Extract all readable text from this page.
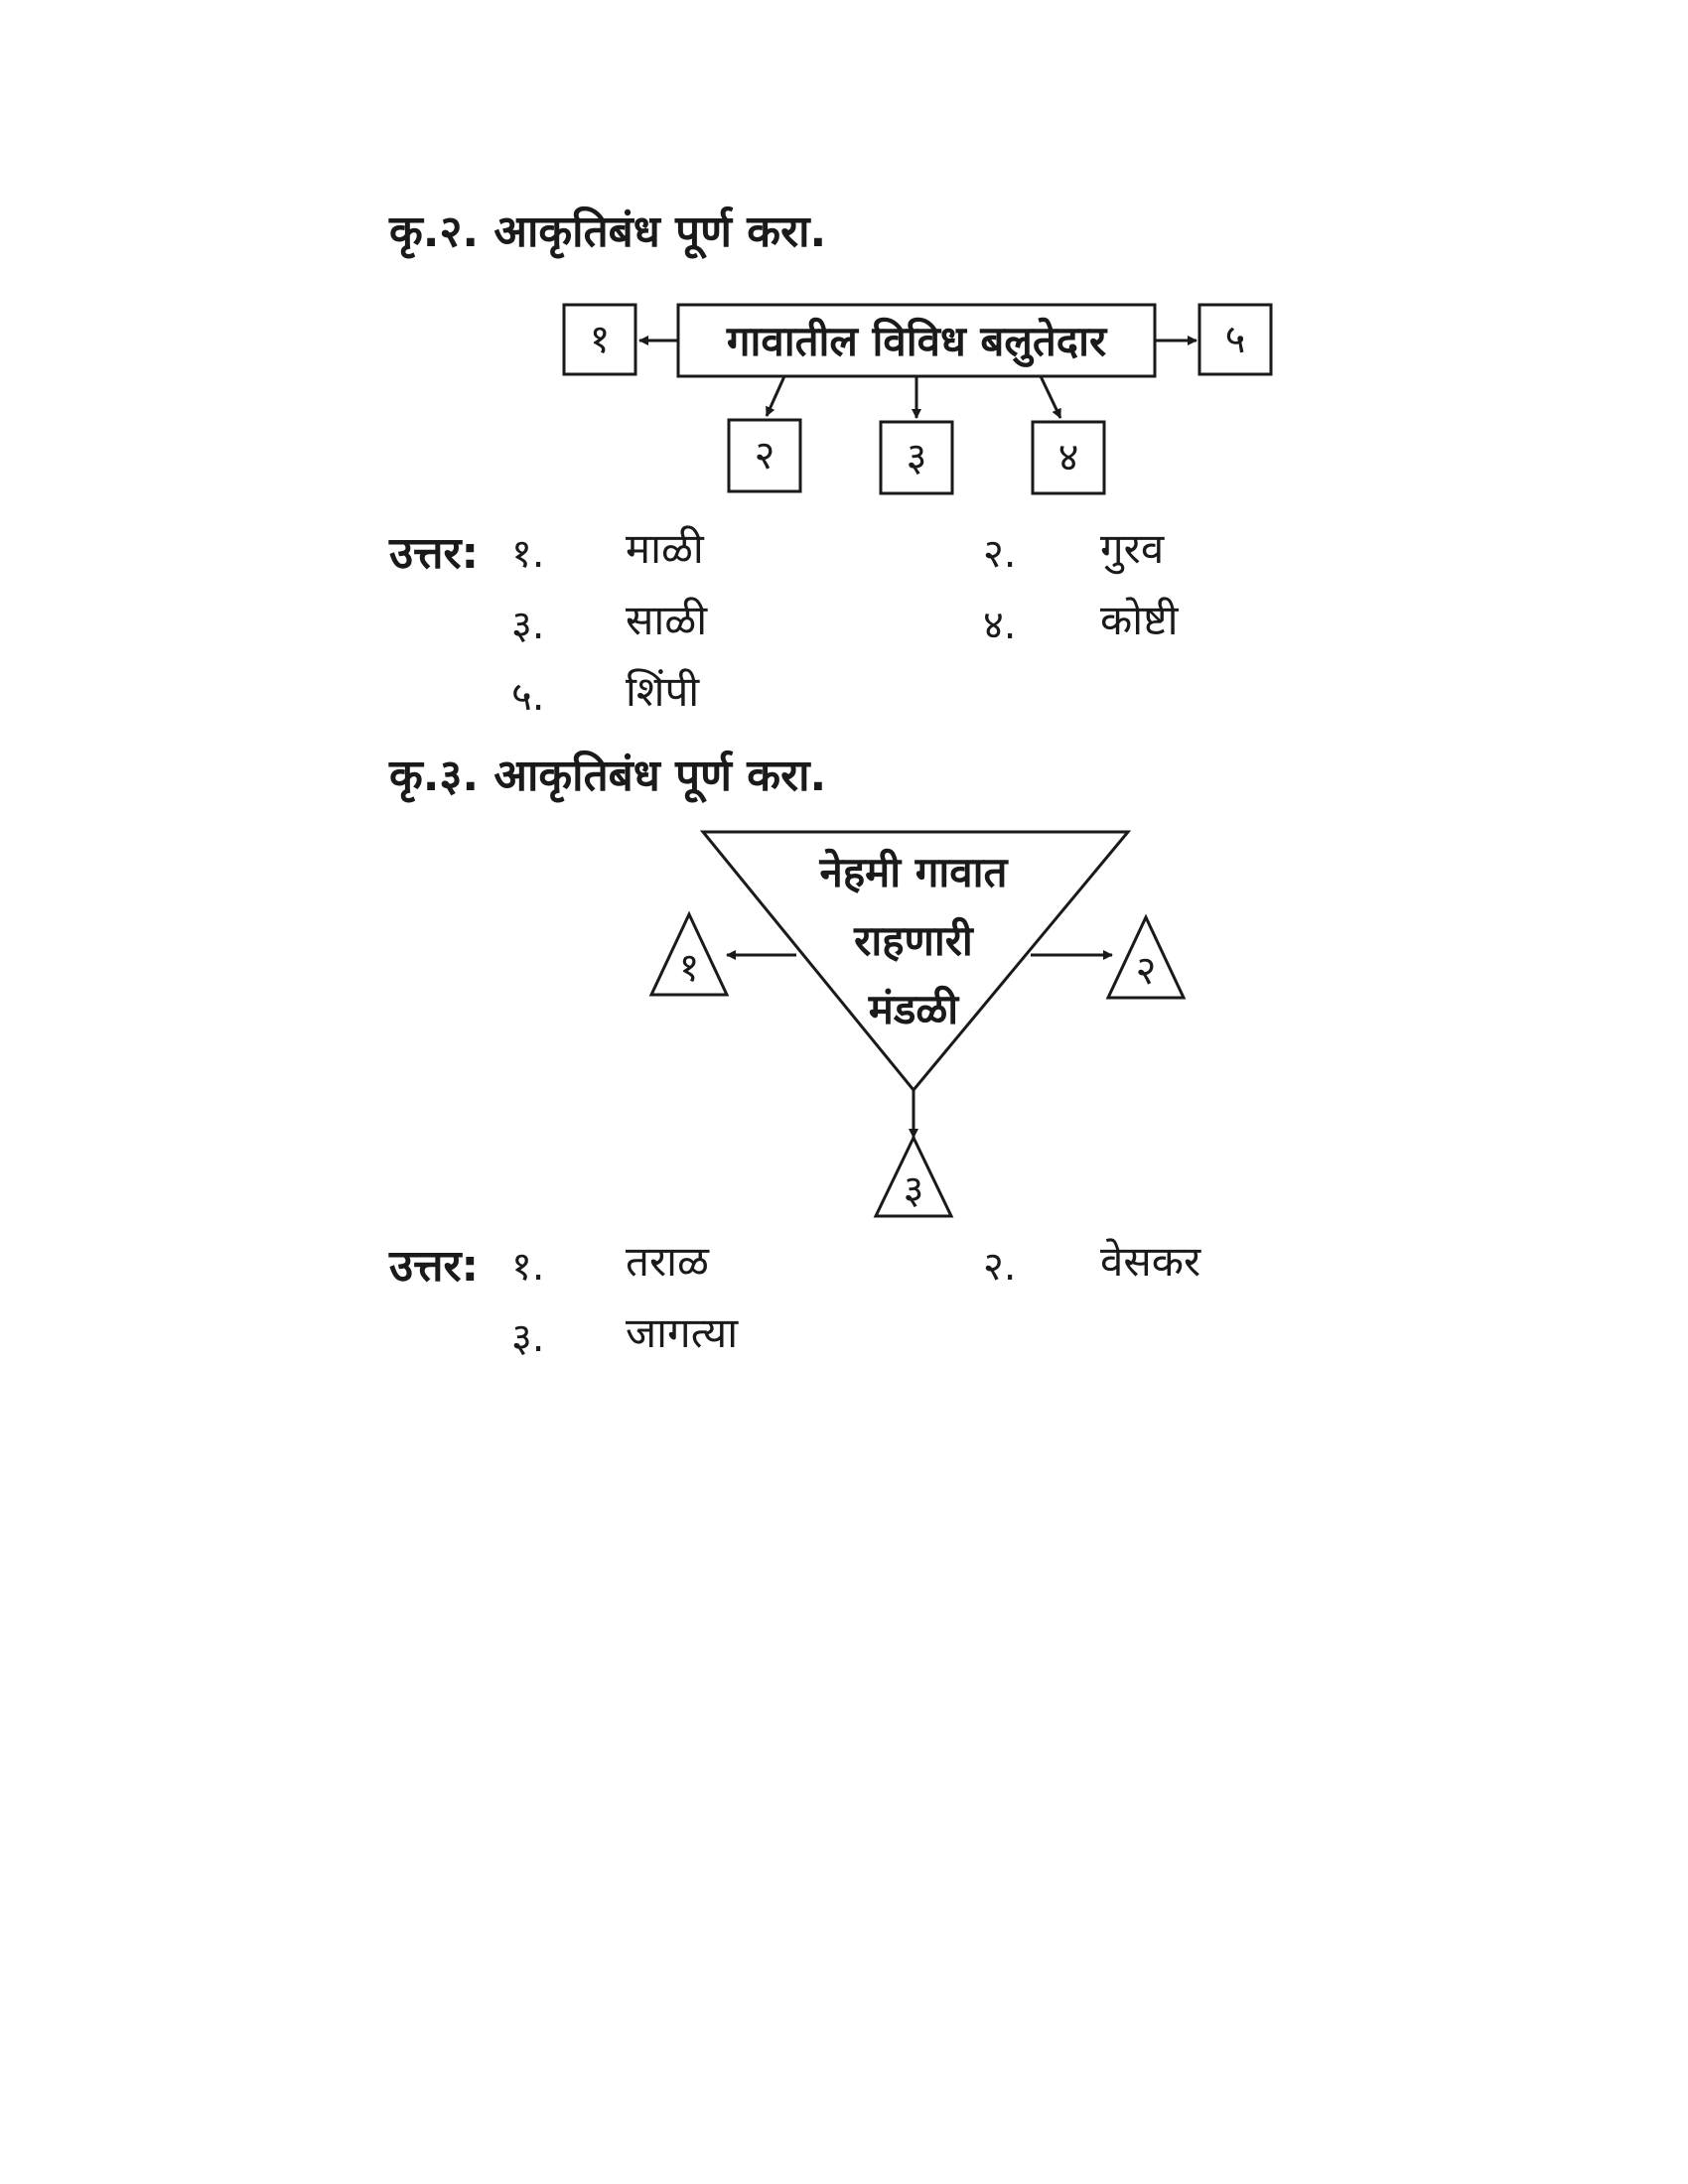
कृ.२. आकृतिबंध पूर्ण करा.
गावातील विविध बलुतेदार
१	५
२	३	४
नेहमी गावात
राहणारी
मंडळी
१	२
३
उत्तर: १. माळी	२. गुरव
३. साळी	४. कोष्टी
५. शिंपी
कृ.३. आकृतिबंध पूर्ण करा.
उत्तर: १. तराळ	२. वेसकर
३. जागत्या
